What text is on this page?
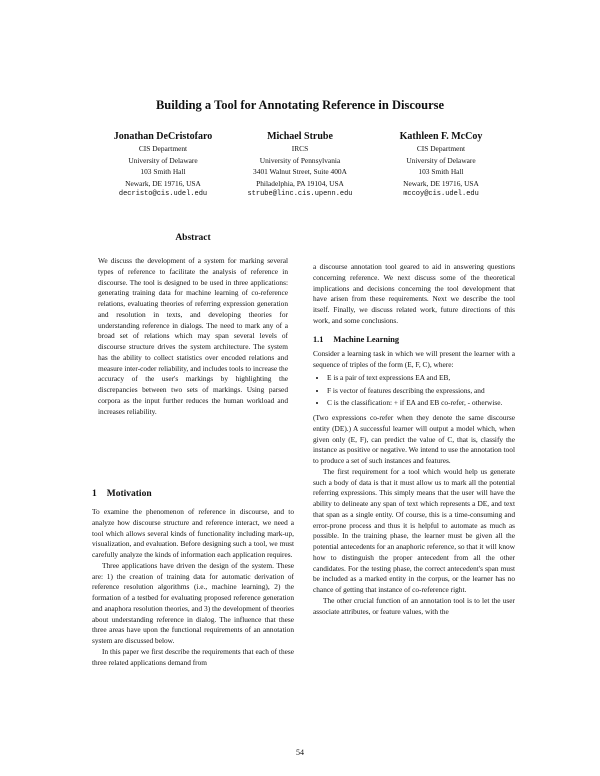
Building a Tool for Annotating Reference in Discourse
Jonathan DeCristofaro
CIS Department
University of Delaware
103 Smith Hall
Newark, DE 19716, USA
decristo@cis.udel.edu
Michael Strube
IRCS
University of Pennsylvania
3401 Walnut Street, Suite 400A
Philadelphia, PA 19104, USA
strube@linc.cis.upenn.edu
Kathleen F. McCoy
CIS Department
University of Delaware
103 Smith Hall
Newark, DE 19716, USA
mccoy@cis.udel.edu
Abstract

We discuss the development of a system for marking several types of reference to facilitate the analysis of reference in discourse. The tool is designed to be used in three applications: generating training data for machine learning of co-reference relations, evaluating theories of referring expression generation and resolution in texts, and developing theories for understanding reference in dialogs. The need to mark any of a broad set of relations which may span several levels of discourse structure drives the system architecture. The system has the ability to collect statistics over encoded relations and measure inter-coder reliability, and includes tools to increase the accuracy of the user's markings by highlighting the discrepancies between two sets of markings. Using parsed corpora as the input further reduces the human workload and increases reliability.

1 Motivation

To examine the phenomenon of reference in discourse, and to analyze how discourse structure and reference interact, we need a tool which allows several kinds of functionality including mark-up, visualization, and evaluation. Before designing such a tool, we must carefully analyze the kinds of information each application requires.

Three applications have driven the design of the system. These are: 1) the creation of training data for automatic derivation of reference resolution algorithms (i.e., machine learning), 2) the formation of a testbed for evaluating proposed reference generation and anaphora resolution theories, and 3) the development of theories about understanding reference in dialog. The influence that these three areas have upon the functional requirements of an annotation system are discussed below.

In this paper we first describe the requirements that each of these three related applications demand from

a discourse annotation tool geared to aid in answering questions concerning reference. We next discuss some of the theoretical implications and decisions concerning the tool development that have arisen from these requirements. Next we describe the tool itself. Finally, we discuss related work, future directions of this work, and some conclusions.

1.1 Machine Learning

Consider a learning task in which we will present the learner with a sequence of triples of the form (E, F, C), where:

• E is a pair of text expressions EA and EB,
• F is vector of features describing the expressions, and
• C is the classification: + if EA and EB co-refer, - otherwise.

(Two expressions co-refer when they denote the same discourse entity (DE).) A successful learner will output a model which, when given only (E, F), can predict the value of C, that is, classify the instance as positive or negative. We intend to use the annotation tool to produce a set of such instances and features.

The first requirement for a tool which would help us generate such a body of data is that it must allow us to mark all the potential referring expressions. This simply means that the user will have the ability to delineate any span of text which represents a DE, and text that span as a single entity. Of course, this is a time-consuming and error-prone process and thus it is helpful to automate as much as possible. In the training phase, the learner must be given all the potential antecedents for an anaphoric reference, so that it will know how to distinguish the proper antecedent from all the other candidates. For the testing phase, the correct antecedent's span must be included as a marked entity in the corpus, or the learner has no chance of getting that instance of co-reference right.

The other crucial function of an annotation tool is to let the user associate attributes, or feature values, with the

54
